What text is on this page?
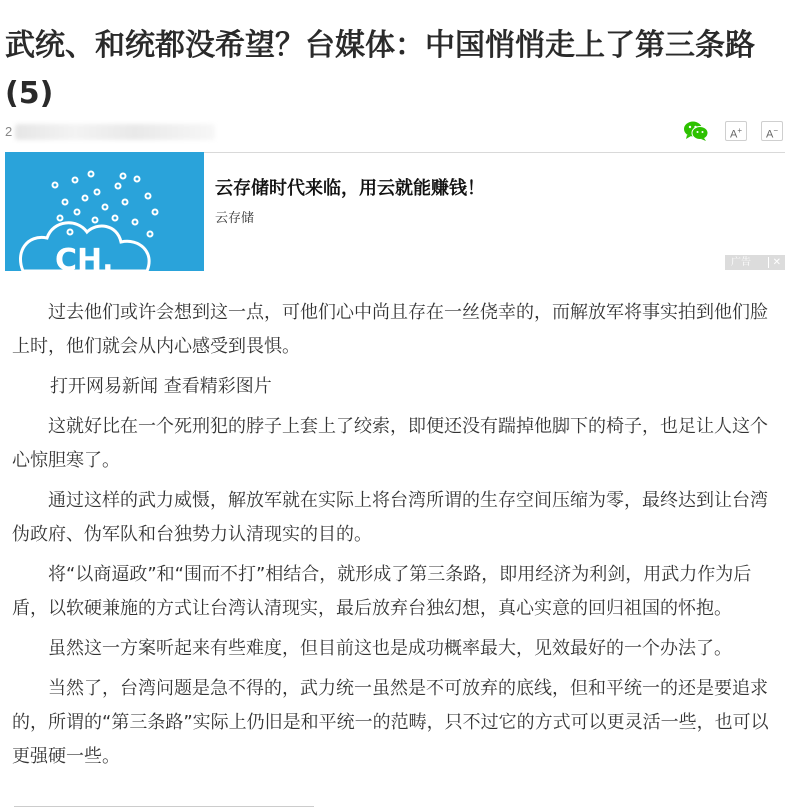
武统、和统都没希望？台媒体：中国悄悄走上了第三条路(5)
2	A+	A−
CH.
云存储时代来临，用云就能赚钱！
云存储
广告 ✕

过去他们或许会想到这一点，可他们心中尚且存在一丝侥幸的，而解放军将事实拍到他们脸上时，他们就会从内心感受到畏惧。

打开网易新闻 查看精彩图片

这就好比在一个死刑犯的脖子上套上了绞索，即便还没有踹掉他脚下的椅子，也足让人这个心惊胆寒了。

通过这样的武力威慑，解放军就在实际上将台湾所谓的生存空间压缩为零，最终达到让台湾伪政府、伪军队和台独势力认清现实的目的。

将“以商逼政”和“围而不打”相结合，就形成了第三条路，即用经济为利剑，用武力作为后盾，以软硬兼施的方式让台湾认清现实，最后放弃台独幻想，真心实意的回归祖国的怀抱。

虽然这一方案听起来有些难度，但目前这也是成功概率最大，见效最好的一个办法了。

当然了，台湾问题是急不得的，武力统一虽然是不可放弃的底线，但和平统一的还是要追求的，所谓的“第三条路”实际上仍旧是和平统一的范畴，只不过它的方式可以更灵活一些，也可以更强硬一些。
